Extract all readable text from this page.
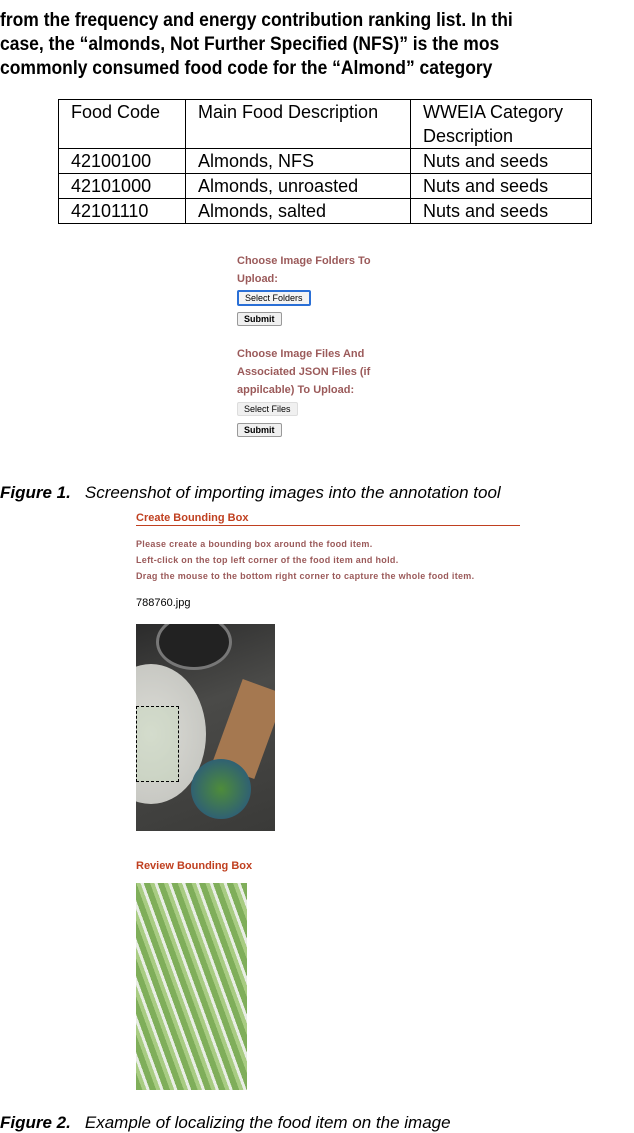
from the frequency and energy contribution ranking list. In thi
case, the “almonds, Not Further Specified (NFS)” is the mos
commonly consumed food code for the “Almond” category
Food Code	Main Food Description	WWEIA Category Description
42100100	Almonds, NFS	Nuts and seeds
42101000	Almonds, unroasted	Nuts and seeds
42101110	Almonds, salted	Nuts and seeds
Choose Image Folders To Upload:
Select Folders
Submit
Choose Image Files And Associated JSON Files (if appilcable) To Upload:
Select Files
Submit
Figure 1. Screenshot of importing images into the annotation tool
Create Bounding Box
Please create a bounding box around the food item.
Left-click on the top left corner of the food item and hold.
Drag the mouse to the bottom right corner to capture the whole food item.
788760.jpg
Review Bounding Box
Figure 2. Example of localizing the food item on the image
